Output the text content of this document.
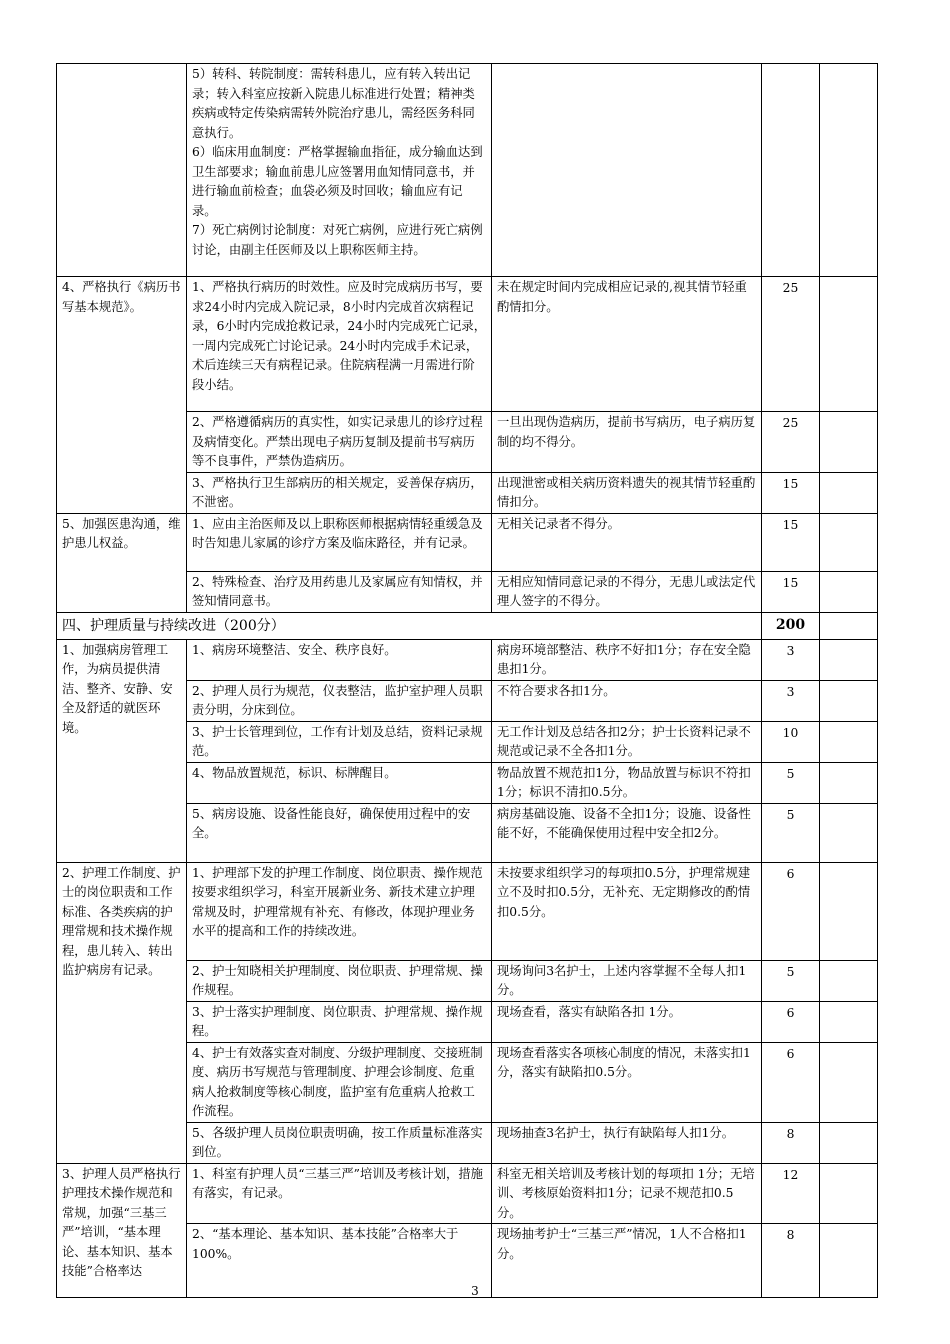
	5）转科、转院制度：需转科患儿，应有转入转出记录；转入科室应按新入院患儿标准进行处置；精神类疾病或特定传染病需转外院治疗患儿，需经医务科同意执行。
6）临床用血制度：严格掌握输血指征，成分输血达到卫生部要求；输血前患儿应签署用血知情同意书，并进行输血前检查；血袋必须及时回收；输血应有记录。
7）死亡病例讨论制度：对死亡病例，应进行死亡病例讨论，由副主任医师及以上职称医师主持。			
4、严格执行《病历书写基本规范》。	1、严格执行病历的时效性。应及时完成病历书写，要求24小时内完成入院记录，8小时内完成首次病程记录，6小时内完成抢救记录，24小时内完成死亡记录，一周内完成死亡讨论记录。24小时内完成手术记录，术后连续三天有病程记录。住院病程满一月需进行阶段小结。	未在规定时间内完成相应记录的,视其情节轻重酌情扣分。	25	
	2、严格遵循病历的真实性，如实记录患儿的诊疗过程及病情变化。严禁出现电子病历复制及提前书写病历等不良事件，严禁伪造病历。	一旦出现伪造病历，提前书写病历，电子病历复制的均不得分。	25	
	3、严格执行卫生部病历的相关规定，妥善保存病历，不泄密。	出现泄密或相关病历资料遗失的视其情节轻重酌情扣分。	15	
5、加强医患沟通，维护患儿权益。	1、应由主治医师及以上职称医师根据病情轻重缓急及时告知患儿家属的诊疗方案及临床路径，并有记录。	无相关记录者不得分。	15	
	2、特殊检查、治疗及用药患儿及家属应有知情权，并签知情同意书。	无相应知情同意记录的不得分，无患儿或法定代理人签字的不得分。	15	
四、护理质量与持续改进（200分）			200	
1、加强病房管理工作，为病员提供清洁、整齐、安静、安全及舒适的就医环境。	1、病房环境整洁、安全、秩序良好。	病房环境部整洁、秩序不好扣1分；存在安全隐患扣1分。	3	
	2、护理人员行为规范，仪表整洁，监护室护理人员职责分明，分床到位。	不符合要求各扣1分。	3	
	3、护士长管理到位，工作有计划及总结，资料记录规范。	无工作计划及总结各扣2分；护士长资料记录不规范或记录不全各扣1分。	10	
	4、物品放置规范，标识、标牌醒目。	物品放置不规范扣1分，物品放置与标识不符扣1分；标识不清扣0.5分。	5	
	5、病房设施、设备性能良好，确保使用过程中的安全。	病房基础设施、设备不全扣1分；设施、设备性能不好，不能确保使用过程中安全扣2分。	5	
2、护理工作制度、护士的岗位职责和工作标准、各类疾病的护理常规和技术操作规程，患儿转入、转出监护病房有记录。	1、护理部下发的护理工作制度、岗位职责、操作规范按要求组织学习，科室开展新业务、新技术建立护理常规及时，护理常规有补充、有修改，体现护理业务水平的提高和工作的持续改进。	未按要求组织学习的每项扣0.5分，护理常规建立不及时扣0.5分，无补充、无定期修改的酌情扣0.5分。	6	
	2、护士知晓相关护理制度、岗位职责、护理常规、操作规程。	现场询问3名护士，上述内容掌握不全每人扣1分。	5	
	3、护士落实护理制度、岗位职责、护理常规、操作规程。	现场查看，落实有缺陷各扣 1分。	6	
	4、护士有效落实查对制度、分级护理制度、交接班制度、病历书写规范与管理制度、护理会诊制度、危重病人抢救制度等核心制度，监护室有危重病人抢救工作流程。	现场查看落实各项核心制度的情况，未落实扣1分，落实有缺陷扣0.5分。	6	
	5、各级护理人员岗位职责明确，按工作质量标准落实到位。	现场抽查3名护士，执行有缺陷每人扣1分。	8	
3、护理人员严格执行护理技术操作规范和常规，加强“三基三严”培训，“基本理论、基本知识、基本技能”合格率达	1、科室有护理人员“三基三严”培训及考核计划，措施有落实，有记录。	科室无相关培训及考核计划的每项扣 1分；无培训、考核原始资料扣1分；记录不规范扣0.5分。	12	
	2、“基本理论、基本知识、基本技能”合格率大于100%。	现场抽考护士“三基三严”情况，1人不合格扣1分。	8	
3
